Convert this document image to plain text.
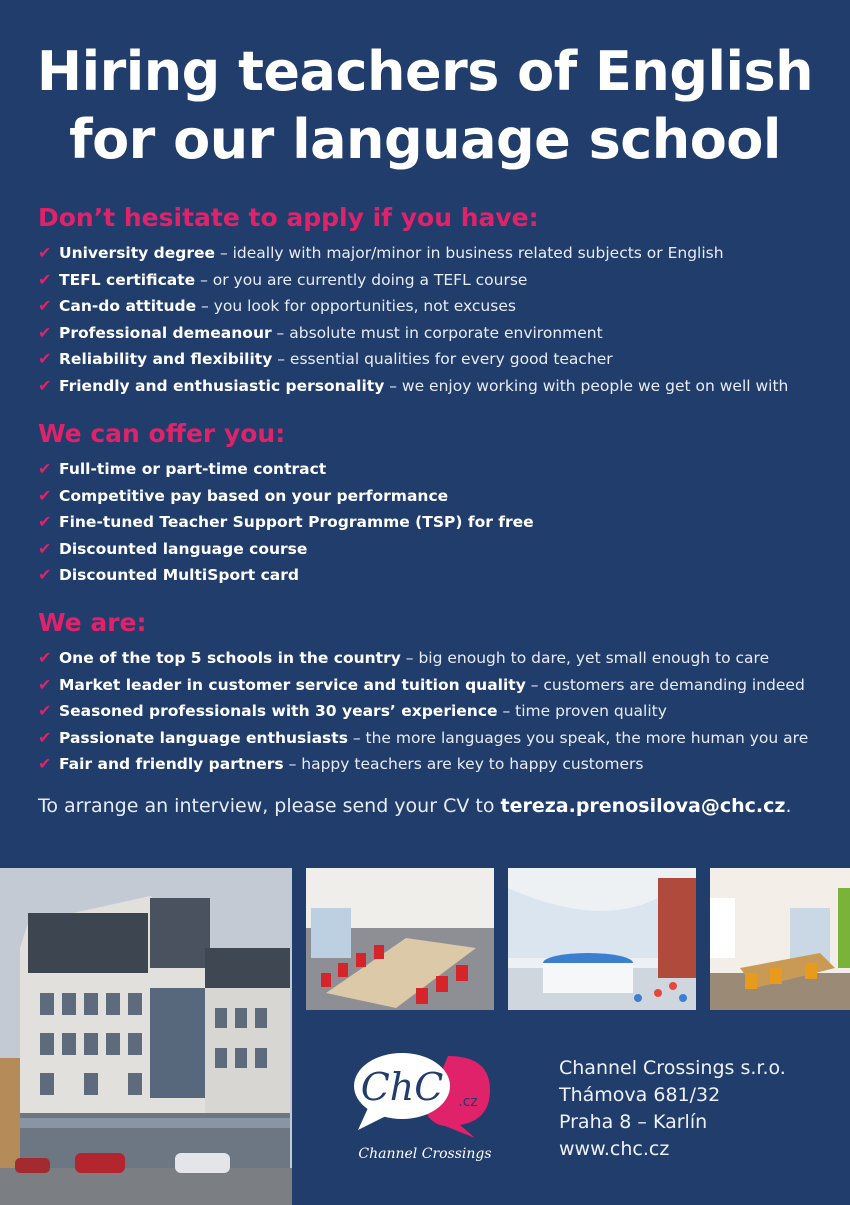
Hiring teachers of English
for our language school
Don’t hesitate to apply if you have:
✔ University degree – ideally with major/minor in business related subjects or English
✔ TEFL certificate – or you are currently doing a TEFL course
✔ Can-do attitude – you look for opportunities, not excuses
✔ Professional demeanour – absolute must in corporate environment
✔ Reliability and flexibility – essential qualities for every good teacher
✔ Friendly and enthusiastic personality – we enjoy working with people we get on well with
We can offer you:
✔ Full-time or part-time contract
✔ Competitive pay based on your performance
✔ Fine-tuned Teacher Support Programme (TSP) for free
✔ Discounted language course
✔ Discounted MultiSport card
We are:
✔ One of the top 5 schools in the country – big enough to dare, yet small enough to care
✔ Market leader in customer service and tuition quality – customers are demanding indeed
✔ Seasoned professionals with 30 years’ experience – time proven quality
✔ Passionate language enthusiasts – the more languages you speak, the more human you are
✔ Fair and friendly partners – happy teachers are key to happy customers
To arrange an interview, please send your CV to tereza.prenosilova@chc.cz.
ChC .cz
Channel Crossings
Channel Crossings s.r.o.
Thámova 681/32
Praha 8 – Karlín
www.chc.cz
